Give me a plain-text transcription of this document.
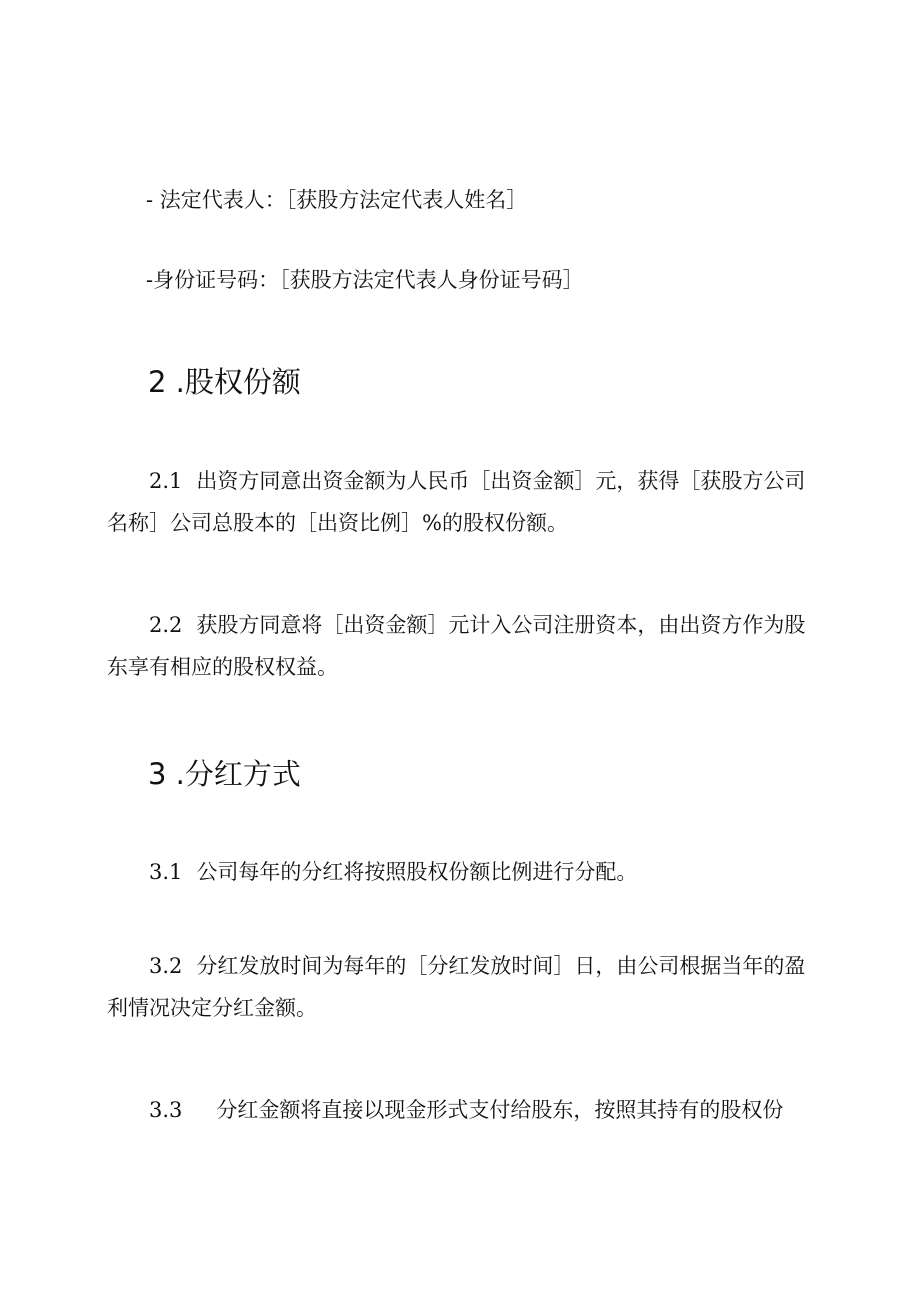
- 法定代表人：［获股方法定代表人姓名］
-身份证号码：［获股方法定代表人身份证号码］
2 .股权份额
2.1 出资方同意出资金额为人民币［出资金额］元，获得［获股方公司名称］公司总股本的［出资比例］%的股权份额。
2.2 获股方同意将［出资金额］元计入公司注册资本，由出资方作为股东享有相应的股权权益。
3 .分红方式
3.1 公司每年的分红将按照股权份额比例进行分配。
3.2 分红发放时间为每年的［分红发放时间］日，由公司根据当年的盈利情况决定分红金额。
3.3 分红金额将直接以现金形式支付给股东，按照其持有的股权份
